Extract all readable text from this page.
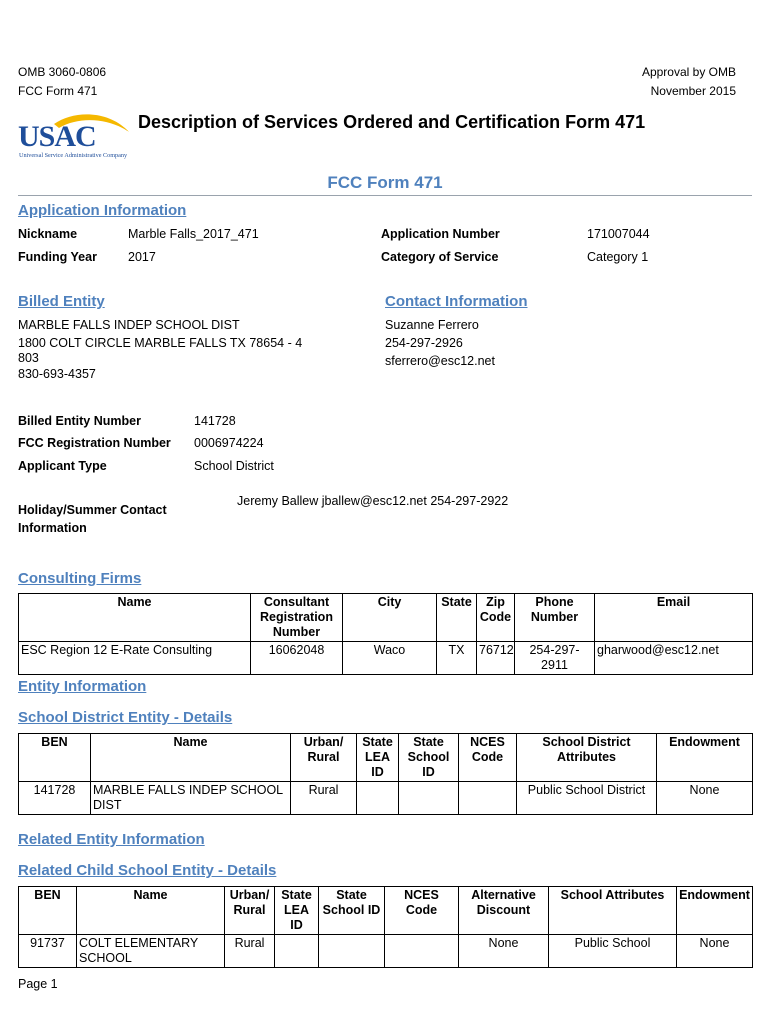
OMB 3060-0806
FCC Form 471
Approval by OMB
November 2015
USAC
Universal Service Administrative Company
Description of Services Ordered and Certification Form 471
FCC Form 471
Application Information
Nickname	Marble Falls_2017_471	Application Number	171007044
Funding Year 2017	Category of Service	Category 1
Billed Entity	Contact Information
MARBLE FALLS INDEP SCHOOL DIST
1800 COLT CIRCLE MARBLE FALLS TX 78654 - 4
803
830-693-4357
Suzanne Ferrero
254-297-2926
sferrero@esc12.net
Billed Entity Number	141728
FCC Registration Number 0006974224
Applicant Type	School District
Holiday/Summer Contact
Information
Jeremy Ballew jballew@esc12.net 254-297-2922
Consulting Firms
Name	Consultant Registration Number	City	State	Zip Code	Phone Number	Email
ESC Region 12 E-Rate Consulting	16062048	Waco	TX	76712	254-297-2911	gharwood@esc12.net
Entity Information
School District Entity - Details
BEN	Name	Urban/ Rural	State LEA ID	State School ID	NCES Code	School District Attributes	Endowment
141728	MARBLE FALLS INDEP SCHOOL DIST	Rural				Public School District	None
Related Entity Information
Related Child School Entity - Details
BEN	Name	Urban/ Rural	State LEA ID	State School ID	NCES Code	Alternative Discount	School Attributes	Endowment
91737	COLT ELEMENTARY SCHOOL	Rural				None	Public School	None
Page 1
